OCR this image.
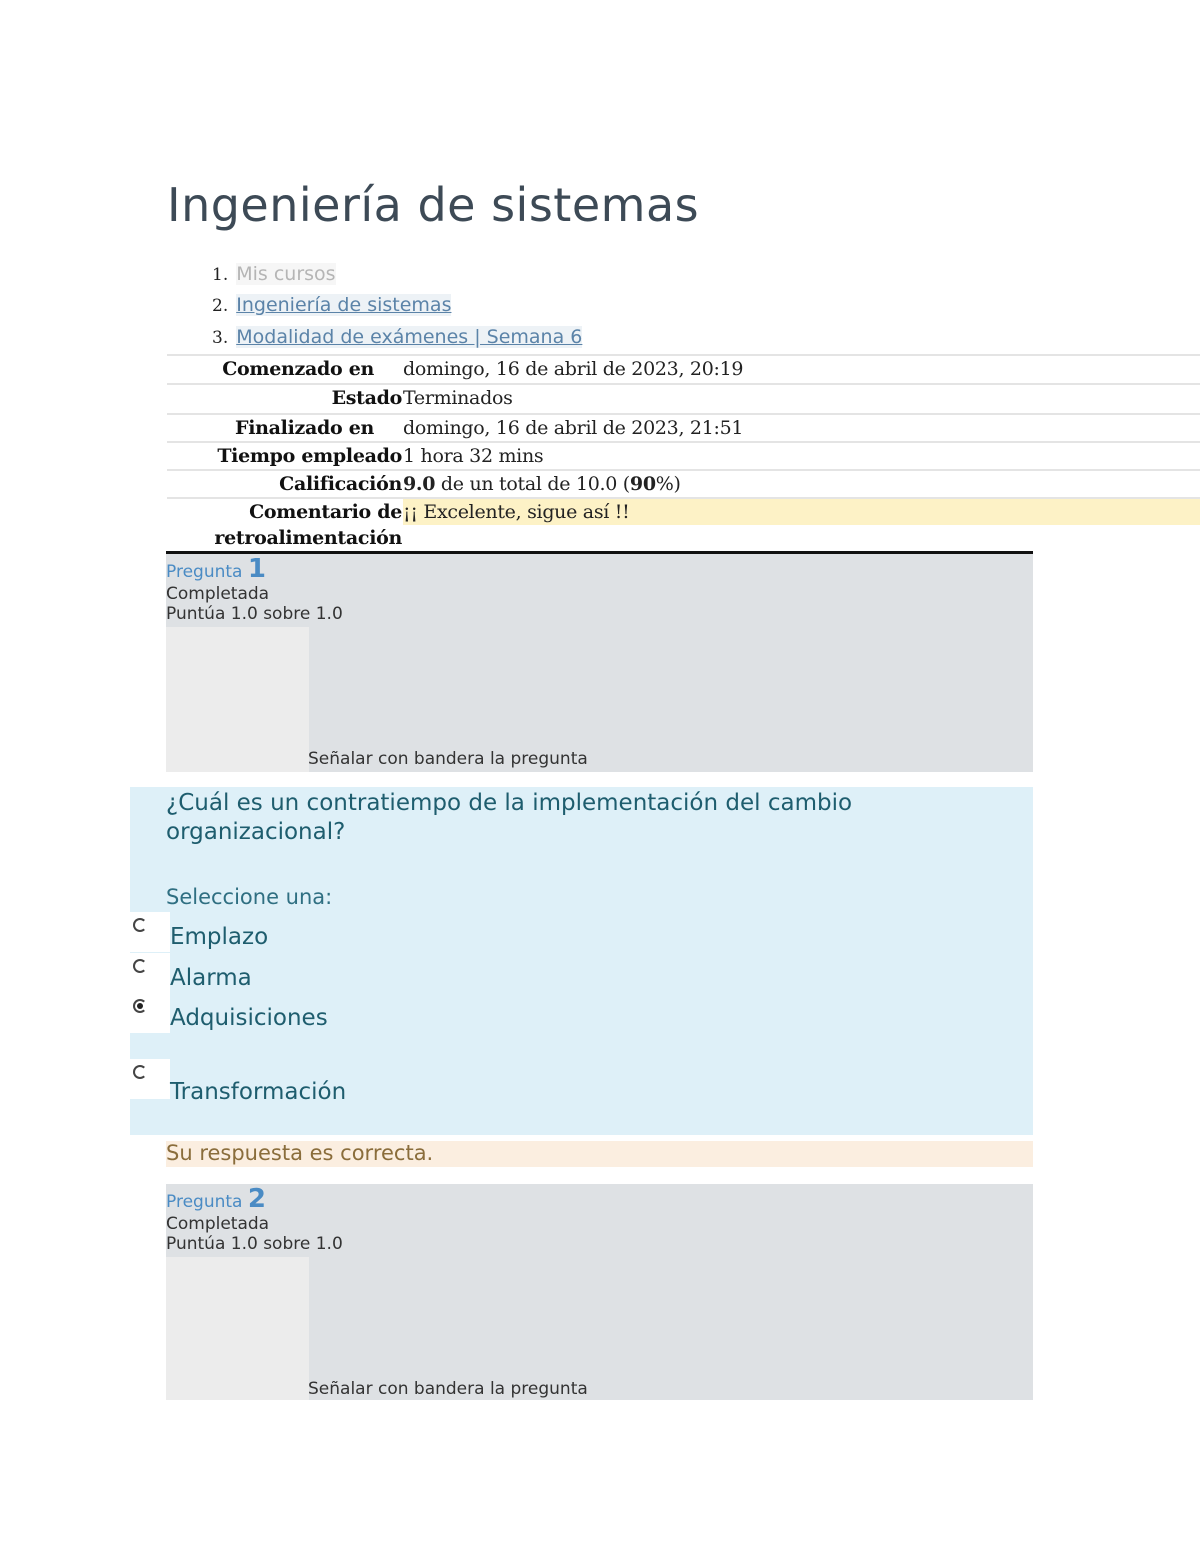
Ingeniería de sistemas
1. Mis cursos
2. Ingeniería de sistemas
3. Modalidad de exámenes | Semana 6
Comenzado en domingo, 16 de abril de 2023, 20:19
Estado Terminados
Finalizado en domingo, 16 de abril de 2023, 21:51
Tiempo empleado 1 hora 32 mins
Calificación 9.0 de un total de 10.0 (90%)
Comentario de
retroalimentación
¡¡ Excelente, sigue así !!
Pregunta 1
Completada
Puntúa 1.0 sobre 1.0
Señalar con bandera la pregunta
¿Cuál es un contratiempo de la implementación del cambio organizacional?
Seleccione una:
Emplazo
Alarma
Adquisiciones
Transformación
Su respuesta es correcta.
Pregunta 2
Completada
Puntúa 1.0 sobre 1.0
Señalar con bandera la pregunta
